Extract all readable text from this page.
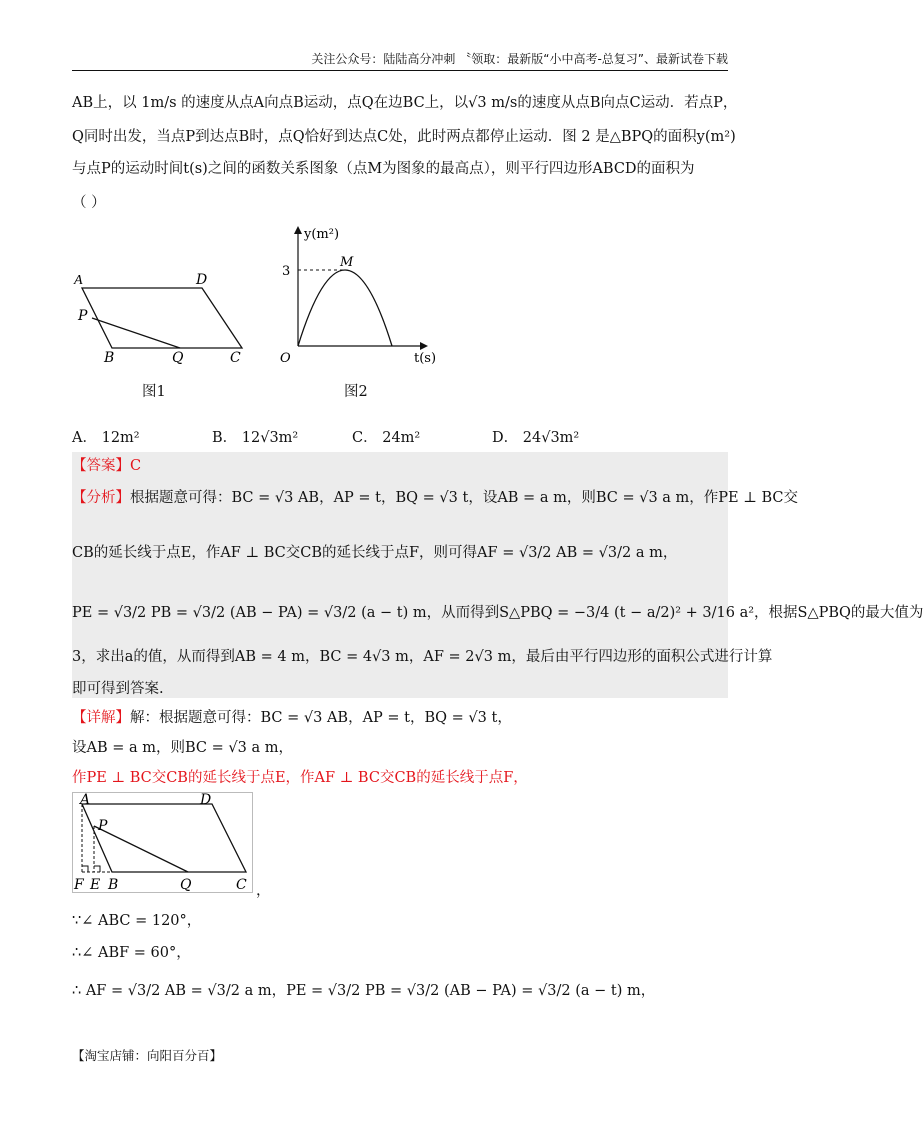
关注公众号：陆陆高分冲刺 〝领取：最新版“小中高考-总复习”、最新试卷下载
AB上，以 1m/s 的速度从点A向点B运动，点Q在边BC上，以√3 m/s的速度从点B向点C运动．若点P，
Q同时出发，当点P到达点B时，点Q恰好到达点C处，此时两点都停止运动．图 2 是△BPQ的面积y(m²)
与点P的运动时间t(s)之间的函数关系图象（点M为图象的最高点），则平行四边形ABCD的面积为
（ ）
A	D
P
B	Q	C
图1
y(m²)
t(s)
O
M
3
图2
A． 12m²	B． 12√3m²	C． 24m²	D． 24√3m²
【答案】C
【分析】根据题意可得：BC = √3 AB，AP = t，BQ = √3 t，设AB = a m，则BC = √3 a m，作PE ⊥ BC交
CB的延长线于点E，作AF ⊥ BC交CB的延长线于点F，则可得AF = √3/2 AB = √3/2 a m，
PE = √3/2 PB = √3/2 (AB − PA) = √3/2 (a − t) m，从而得到S△PBQ = −3/4 (t − a/2)² + 3/16 a²，根据S△PBQ的最大值为
3，求出a的值，从而得到AB = 4 m，BC = 4√3 m，AF = 2√3 m，最后由平行四边形的面积公式进行计算
即可得到答案.
【详解】解：根据题意可得：BC = √3 AB，AP = t，BQ = √3 t，
设AB = a m，则BC = √3 a m，
作PE ⊥ BC交CB的延长线于点E，作AF ⊥ BC交CB的延长线于点F，
A	D
P
F E B	Q	C ，
∵∠ ABC = 120°，
∴∠ ABF = 60°，
∴ AF = √3/2 AB = √3/2 a m，PE = √3/2 PB = √3/2 (AB − PA) = √3/2 (a − t) m，
【淘宝店铺：向阳百分百】
